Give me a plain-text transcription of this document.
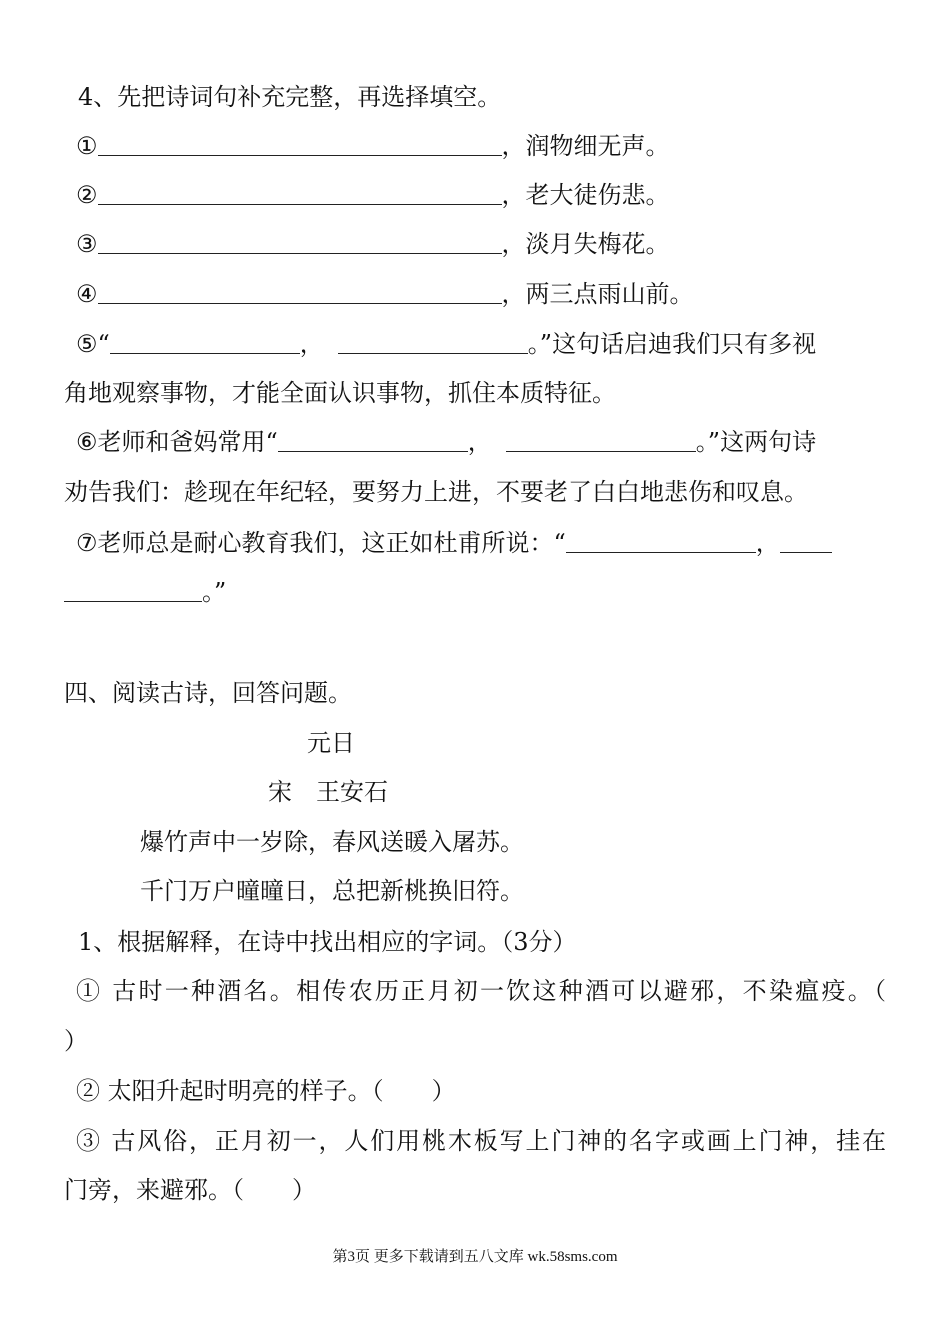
4、先把诗词句补充完整，再选择填空。
①	，润物细无声。
②	，老大徒伤悲。
③	，淡月失梅花。
④	，两三点雨山前。
⑤“	，	。”这句话启迪我们只有多视
角地观察事物，才能全面认识事物，抓住本质特征。
⑥老师和爸妈常用“	，	。”这两句诗
劝告我们：趁现在年纪轻，要努力上进，不要老了白白地悲伤和叹息。
⑦老师总是耐心教育我们，这正如杜甫所说：“	，
。”
四、阅读古诗，回答问题。
元日
宋　王安石
爆竹声中一岁除，春风送暖入屠苏。
千门万户曈曈日，总把新桃换旧符。
1、根据解释，在诗中找出相应的字词。（3分）
① 古时一种酒名。相传农历正月初一饮这种酒可以避邪，不染瘟疫。（
）
② 太阳升起时明亮的样子。（　　）
③ 古风俗，正月初一，人们用桃木板写上门神的名字或画上门神，挂在
门旁，来避邪。（　　）
第3页 更多下载请到五八文库 wk.58sms.com
